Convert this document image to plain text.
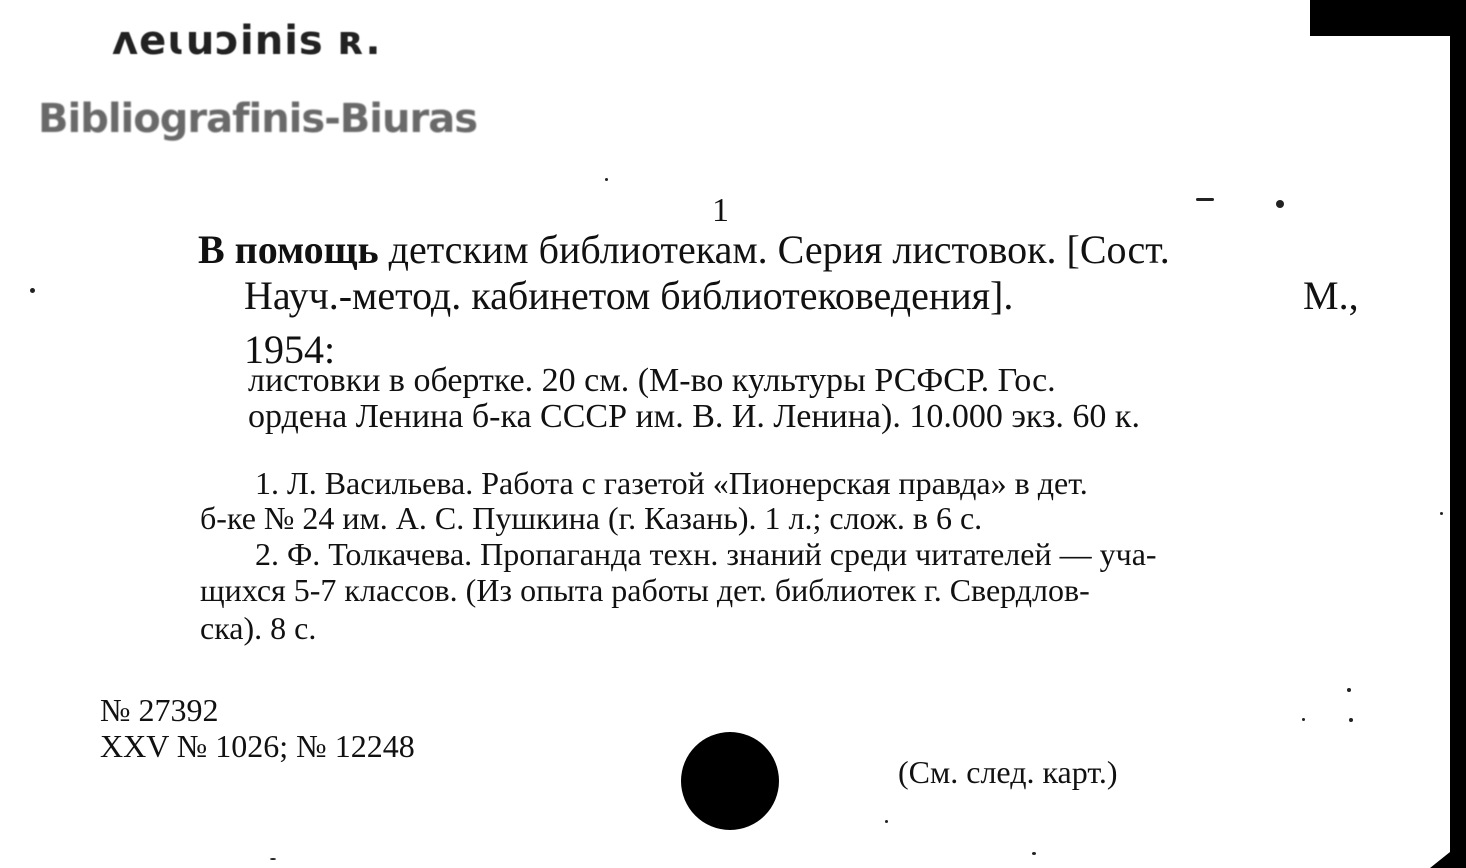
ʌeɩuɔinis ʀ.
Bibliografinis-Biuras
1
В помощь детским библиотекам. Серия листовок. [Сост.
Науч.-метод. кабинетом библиотековедения].	М.,
1954:
листовки в обертке. 20 см. (М-во культуры РСФСР. Гос.
ордена Ленина б-ка СССР им. В. И. Ленина). 10.000 экз. 60 к.
1. Л. Васильева. Работа с газетой «Пионерская правда» в дет.
б-ке № 24 им. А. С. Пушкина (г. Казань). 1 л.; слож. в 6 с.
2. Ф. Толкачева. Пропаганда техн. знаний среди читателей — уча-
щихся 5-7 классов. (Из опыта работы дет. библиотек г. Свердлов-
ска). 8 с.
№ 27392
XXV № 1026; № 12248
(См. след. карт.)
